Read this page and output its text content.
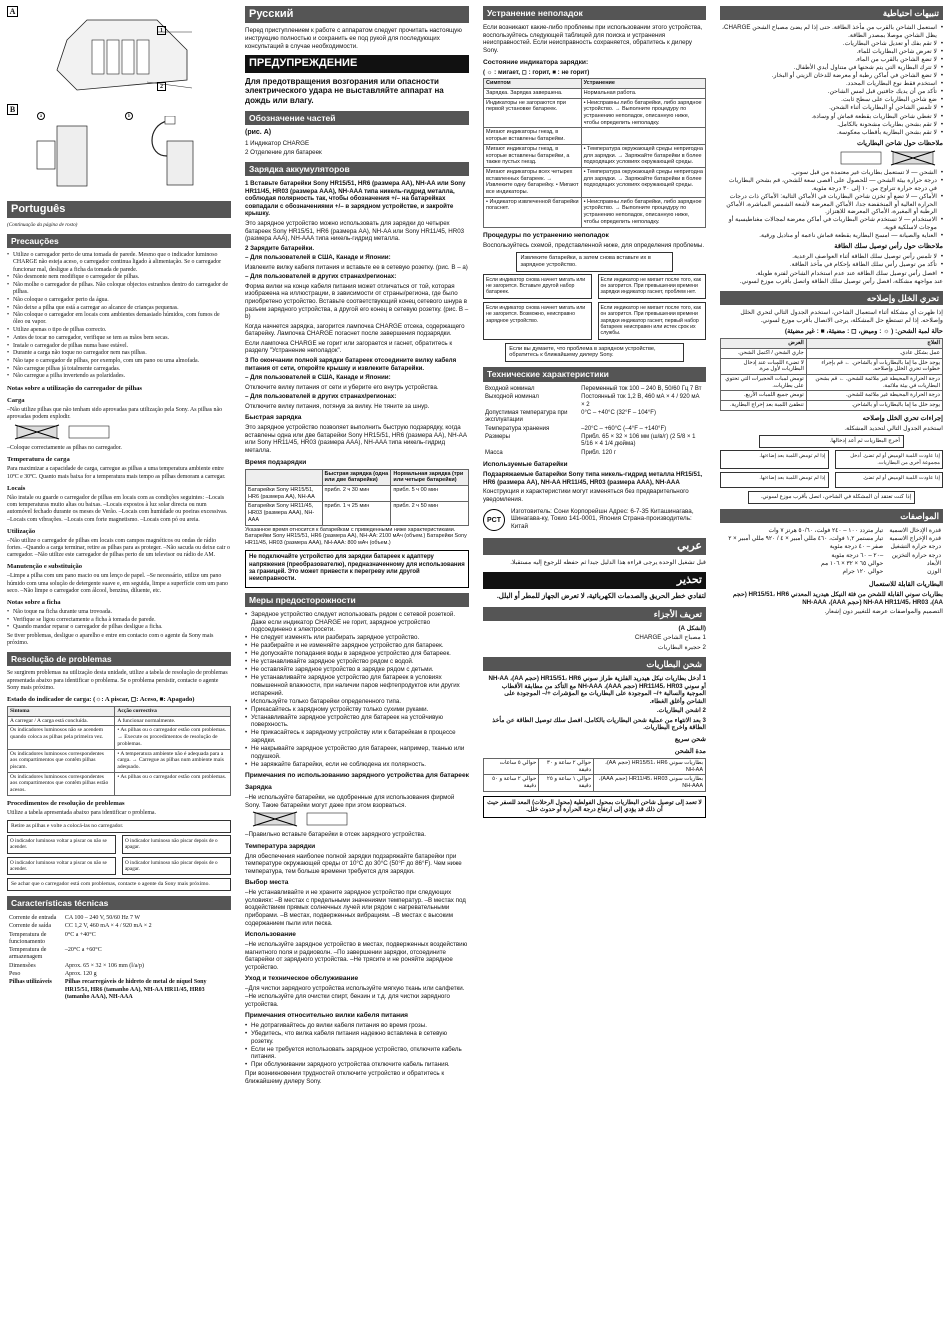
A
1
2
B
a	b
Português

(Continuação da página de rosto)

Precauções
• Utilize o carregador perto de uma tomada de parede. Mesmo que o indicador luminoso CHARGE não esteja aceso, o carregador continua ligado à alimentação. Se o carregador funcionar mal, desligue a ficha da tomada de parede.
• Não desmonte nem modifique o carregador de pilhas.
• Não molhe o carregador de pilhas. Não coloque objectos estranhos dentro do carregador de pilhas.
• Não coloque o carregador perto da água.
• Não deixe a pilha que está a carregar ao alcance de crianças pequenas.
• Não coloque o carregador em locais com ambientes demasiado húmidos, com fumos de óleo ou vapor.
• Utilize apenas o tipo de pilhas correcto.
• Antes de tocar no carregador, verifique se tem as mãos bem secas.
• Instale o carregador de pilhas numa base estável.
• Durante a carga não toque no carregador nem nas pilhas.
• Não tape o carregador de pilhas, por exemplo, com um pano ou uma almofada.
• Não carregue pilhas já totalmente carregadas.
• Não carregue a pilha invertendo as polaridades.
Notas sobre a utilização do carregador de pilhas
Carga

–Não utilize pilhas que não tenham sido aprovadas para utilização pela Sony. As pilhas não aprovadas podem explodir.

–Coloque correctamente as pilhas no carregador.

Temperatura de carga

Para maximizar a capacidade de carga, carregue as pilhas a uma temperatura ambiente entre 10ºC e 30ºC. Quanto mais baixa for a temperatura mais tempo as pilhas demoram a carregar.

Locais

Não instale ou guarde o carregador de pilhas em locais com as condições seguintes: –Locais com temperaturas muito altas ou baixas. –Locais expostos à luz solar directa ou num automóvel fechado durante os meses de Verão. –Locais com humidade ou poeiras excessivas. –Locais com vibrações. –Locais com forte magnetismo. –Locais com pó ou areia.

Utilização

–Não utilize o carregador de pilhas em locais com campos magnéticos ou ondas de rádio fortes. –Quando a carga terminar, retire as pilhas para as proteger. –Não sacuda ou deixe cair o carregador. –Não utilize este carregador de pilhas perto de um televisor ou rádio de AM.

Manutenção e substituição

–Limpe a pilha com um pano macio ou um lenço de papel. –Se necessário, utilize um pano húmido com uma solução de detergente suave e, em seguida, limpe a superfície com um pano seco. –Não limpe o carregador com álcool, benzina, diluente, etc.

Notas sobre a ficha
• Não toque na ficha durante uma trovoada.
• Verifique se ligou correctamente a ficha à tomada de parede.
• Quando mandar reparar o carregador de pilhas desligue a ficha.

Se tiver problemas, desligue o aparelho e entre em contacto com o agente da Sony mais próximo.

Resolução de problemas

Se surgirem problemas na utilização desta unidade, utilize a tabela de resolução de problemas apresentada abaixo para identificar o problema. Se o problema persistir, contacte o agente Sony mais próximo.

Estado do indicador de carga: (☼: A piscar, ◻: Aceso, ■: Apagado)
Sintoma	Acção correctiva
A carregar / A carga está concluída.	A funcionar normalmente.
Os indicadores luminosos não se acendem quando coloca as pilhas pela primeira vez.	• As pilhas ou o carregador estão com problemas. → Execute os procedimentos de resolução de problemas.
Os indicadores luminosos correspondentes aos compartimentos que contêm pilhas piscam.	• A temperatura ambiente não é adequada para a carga. → Carregue as pilhas num ambiente mais adequado.
Os indicadores luminosos correspondentes aos compartimentos que contêm pilhas estão acesos.	• As pilhas ou o carregador estão com problemas.
Procedimentos de resolução de problemas

Utilize a tabela apresentada abaixo para identificar o problema.

Retire as pilhas e volte a colocá-las no carregador.
O indicador luminoso voltar a piscar ou não se acender.
O indicador luminoso não piscar depois de o apagar.
O indicador luminoso voltar a piscar ou não se acender.
O indicador luminoso não piscar depois de o apagar.
Se achar que o carregador está com problemas, contacte o agente da Sony mais próximo.
Características técnicas
Corrente de entrada	CA 100 – 240 V, 50/60 Hz 7 W
Corrente de saída	CC 1,2 V, 460 mA × 4 / 920 mA × 2
Temperatura de funcionamento	0°C a +40°C
Temperatura de armazenagem	–20°C a +60°C
Dimensões	Aprox. 65 × 32 × 106 mm (l/a/p)
Peso	Aprox. 120 g
Pilhas utilizáveis	Pilhas recarregáveis de hidreto de metal de níquel Sony HR15/51, HR6 (tamanho AA), NH-AA HR11/45, HR03 (tamanho AAA), NH-AAA
Русский

Перед приступлением к работе с аппаратом следует прочитать настоящую инструкцию полностью и сохранить ее под рукой для последующих консультаций в случае необходимости.

ПРЕДУПРЕЖДЕНИЕ

Для предотвращения возгорания или опасности электрического удара не выставляйте аппарат на дождь или влагу.

Обозначение частей

(рис. A)

1 Индикатор CHARGE

2 Отделение для батареек

Зарядка аккумуляторов

1 Вставьте батарейки Sony HR15/51, HR6 (размера AA), NH-AA или Sony HR11/45, HR03 (размера AAA), NH-AAA типа никель-гидрид металла, соблюдая полярность так, чтобы обозначения +/– на батарейках совпадали с обозначениями +/– в зарядном устройстве, и закройте крышку.

Это зарядное устройство можно использовать для зарядки до четырех батареек Sony HR15/51, HR6 (размера AA), NH-AA или Sony HR11/45, HR03 (размера AAA), NH-AAA типа никель-гидрид металла.

2 Зарядите батарейки.

– Для пользователей в США, Канаде и Японии:

Извлеките вилку кабеля питания и вставьте ее в сетевую розетку. (рис. B – a)

– Для пользователей в других странах/регионах:

Форма вилки на конце кабеля питания может отличаться от той, которая изображена на иллюстрации, в зависимости от страны/региона, где было приобретено устройство. Вставьте соответствующий конец сетевого шнура в разъем зарядного устройства, а другой его конец в сетевую розетку. (рис. B – b)

Когда начнется зарядка, загорится лампочка CHARGE отсека, содержащего батарейку. Лампочка CHARGE погаснет после завершения подзарядки.

Если лампочка CHARGE не горит или загорается и гаснет, обратитесь к разделу "Устранение неполадок".

3 По окончании полной зарядки батареек отсоедините вилку кабеля питания от сети, откройте крышку и извлеките батарейки.

– Для пользователей в США, Канаде и Японии:

Отключите вилку питания от сети и уберите его внутрь устройства.

– Для пользователей в других странах/регионах:

Отключите вилку питания, потянув за вилку. Не тяните за шнур.

Быстрая зарядка

Это зарядное устройство позволяет выполнить быструю подзарядку, когда вставлены одна или две батарейки Sony HR15/51, HR6 (размера AA), NH-AA или Sony HR11/45, HR03 (размера AAA), NH-AAA типа никель-гидрид металла.

Время подзарядки
	Быстрая зарядка (одна или две батарейки)	Нормальная зарядка (три или четыре батарейки)
Батарейки Sony HR15/51, HR6 (размера AA), NH-AA	прибл. 2 ч 30 мин	прибл. 5 ч 00 мин
Батарейки Sony HR11/45, HR03 (размера AAA), NH-AAA	прибл. 1 ч 25 мин	прибл. 2 ч 50 мин

Указанное время относится к батарейкам с приведенными ниже характеристиками. Батарейки Sony HR15/51, HR6 (размера AA), NH-AA: 2100 мАч (объем.) Батарейки Sony HR11/45, HR03 (размера AAA), NH-AAA: 800 мАч (объем.)

Не подключайте устройство для зарядки батареек к адаптеру напряжения (преобразователю), предназначенному для использования за границей. Это может привести к перегреву или другой неисправности.
Меры предосторожности
• Зарядное устройство следует использовать рядом с сетевой розеткой. Даже если индикатор CHARGE не горит, зарядное устройство подсоединено к электросети.
• Не следует изменять или разбирать зарядное устройство.
• Не разбирайте и не изменяйте зарядное устройство для батареек.
• Не допускайте попадания воды в зарядное устройство для батареек.
• Не устанавливайте зарядное устройство рядом с водой.
• Не оставляйте зарядное устройство в зарядке рядом с детьми.
• Не устанавливайте зарядное устройство для батареек в условиях повышенной влажности, при наличии паров нефтепродуктов или других испарений.
• Используйте только батарейки определенного типа.
• Прикасайтесь к зарядному устройству только сухими руками.
• Устанавливайте зарядное устройство для батареек на устойчивую поверхность.
• Не прикасайтесь к зарядному устройству или к батарейкам в процессе зарядки.
• Не накрывайте зарядное устройство для батареек, например, тканью или подушкой.
• Не заряжайте батарейки, если не соблюдена их полярность.
Примечания по использованию зарядного устройства для батареек
Зарядка

–Не используйте батарейки, не одобренные для использования фирмой Sony. Такие батарейки могут даже при этом взорваться.

–Правильно вставьте батарейки в отсек зарядного устройства.

Температура зарядки

Для обеспечения наиболее полной зарядки подзаряжайте батарейки при температуре окружающей среды от 10°С до 30°С (50°F до 86°F). Чем ниже температура, тем больше времени требуется для зарядки.

Выбор места

–Не устанавливайте и не храните зарядное устройство при следующих условиях: –В местах с предельными значениями температур. –В местах под воздействием прямых солнечных лучей или рядом с нагревательными приборами. –В местах, подверженных вибрациям. –В местах с высоким содержанием пыли или песка.

Использование

–Не используйте зарядное устройство в местах, подверженных воздействию магнитного поля и радиоволн. –По завершении зарядки, отсоедините батарейки от зарядного устройства. –Не трясите и не роняйте зарядное устройство.

Уход и техническое обслуживание

–Для чистки зарядного устройства используйте мягкую ткань или салфетки. –Не используйте для очистки спирт, бензин и т.д. для чистки зарядного устройства.

Примечания относительно вилки кабеля питания
• Не дотрагивайтесь до вилки кабеля питания во время грозы.
• Убедитесь, что вилка кабеля питания надежно вставлена в сетевую розетку.
• Если не требуется использовать зарядное устройство, отключите кабель питания.
• При обслуживании зарядного устройства отключите кабель питания.

При возникновении трудностей отключите устройство и обратитесь к ближайшему дилеру Sony.

Устранение неполадок

Если возникают какие-либо проблемы при использовании этого устройства, воспользуйтесь следующей таблицей для поиска и устранения неисправностей. Если неисправность сохраняется, обратитесь к дилеру Sony.

Состояние индикатора зарядки:

( ☼ : мигает, ◻ : горит, ■ : не горит)

Симптом	Устранение
Зарядка. Зарядка завершена.	Нормальная работа.
Индикаторы не загораются при первой установке батареек.	• Неисправны либо батарейки, либо зарядное устройство. → Выполните процедуру по устранению неполадок, описанную ниже, чтобы определить неполадку.
Мигают индикаторы гнезд, в которые вставлены батарейки.	
Мигают индикаторы гнезд, в которые вставлены батарейки, а также пустых гнезд.	• Температура окружающей среды непригодна для зарядки. → Заряжайте батарейки в более подходящих условиях окружающей среды.
Мигают индикаторы всех четырех вставленных батареек. → Извлеките одну батарейку. • Мигают все индикаторы.	• Температура окружающей среды непригодна для зарядки. → Заряжайте батарейки в более подходящих условиях окружающей среды.
• Индикатор извлеченной батарейки погаснет.	• Неисправны либо батарейки, либо зарядное устройство. → Выполните процедуру по устранению неполадок, описанную ниже, чтобы определить неполадку.
Процедуры по устранению неполадок

Воспользуйтесь схемой, представленной ниже, для определения проблемы.

Извлеките батарейки, а затем снова вставьте их в зарядное устройство.
Если индикатор снова начнет мигать или не загорится. Вставьте другой набор батареек.
Если индикатор не мигает после того, как он загорится. При превышении времени зарядки индикатор гаснет, проблем нет.
Если индикатор снова начнет мигать или не загорится. Возможно, неисправно зарядное устройство.
Если индикатор не мигает после того, как он загорится. При превышении времени зарядки индикатор гаснет, первый набор батареек неисправен или истек срок их службы.
Если вы думаете, что проблема в зарядном устройстве, обратитесь к ближайшему дилеру Sony.
Технические характеристики
Входной номинал	Переменный ток 100 – 240 В, 50/60 Гц 7 Вт
Выходной номинал	Постоянный ток 1,2 В, 460 мА × 4 / 920 мА × 2
Допустимая температура при эксплуатации	0°C – +40°C (32°F – 104°F)
Температура хранения	–20°C – +60°C (–4°F – +140°F)
Размеры	Прибл. 65 × 32 × 106 мм (ш/в/г) (2 5/8 × 1 5/16 × 4 1/4 дюйма)
Масса	Прибл. 120 г
Используемые батарейки

Подзаряжаемые батарейки Sony типа никель-гидрид металла HR15/51, HR6 (размера AA), NH-AA HR11/45, HR03 (размера AAA), NH-AAA

Конструкция и характеристики могут изменяться без предварительного уведомления.

PCT

Изготовитель: Сони Корпорейшн Адрес: 6-7-35 Киташинагава, Шинагава-ку, Токио 141-0001, Япония Страна-производитель: Китай

عربي

قبل تشغيل الوحدة يرجى قراءة هذا الدليل جيدا ثم حفظه للرجوع إليه مستقبلا.

تحذير

لتفادي خطر الحريق والصدمات الكهربائية، لا تعرض الجهاز للمطر أو البلل.

تعريف الأجزاء

(الشكل A)

1 مصباح الشاحن CHARGE

2 حجيرة البطاريات

شحن البطاريات

1 أدخل بطاريات نيكل هيدريد الفلزية طراز سوني HR15/51، HR6 (حجم AA)، NH-AA أو سوني HR11/45، HR03 (حجم AAA)، NH-AAA مع التأكد من مطابقة الأقطاب الموجبة والسالبة +/– الموجودة على البطاريات مع المؤشرات +/– الموجودة على الشاحن وأغلق الغطاء.

2 اشحن البطاريات.

3 بعد الانتهاء من عملية شحن البطاريات بالكامل، افصل سلك توصيل الطاقة عن مأخذ الطاقة واخرج البطاريات.

شحن سريع
مدة الشحن
بطاريات سوني HR15/51، HR6 (حجم AA)، NH-AA	حوالي ٢ ساعة و ٣٠ دقيقة	حوالي ٥ ساعات
بطاريات سوني HR11/45، HR03 (حجم AAA)، NH-AAA	حوالي ١ ساعة و ٢٥ دقيقة	حوالي ٢ ساعة و ٥٠ دقيقة
لا تعمد إلى توصيل شاحن البطاريات بمحول الفولطية (محول الرحلات) المعد للسفر حيث أن ذلك قد يؤدي إلى ارتفاع درجة الحرارة أو حدوث خلل.
تنبيهات احتياطية
• استعمل الشاحن بالقرب من مأخذ الطاقة. حتى إذا لم يضئ مصباح الشحن CHARGE، يظل الشاحن موصلا بمصدر الطاقة.
• لا تقم بفك أو تعديل شاحن البطاريات.
• لا تعرض شاحن البطاريات للماء.
• لا تضع الشاحن بالقرب من الماء.
• لا تترك البطارية التي يتم شحنها في متناول أيدي الأطفال.
• لا تضع الشاحن في أماكن رطبة أو معرضة للدخان الزيتي أو البخار.
• استخدم فقط نوع البطاريات المحدد.
• تأكد من أن يديك جافتين قبل لمس الشاحن.
• ضع شاحن البطاريات على سطح ثابت.
• لا تلمس الشاحن أو البطاريات أثناء الشحن.
• لا تغطي شاحن البطاريات بقطعة قماش أو وسادة.
• لا تقم بشحن بطاريات مشحونة بالكامل.
• لا تقم بشحن البطارية بأقطاب معكوسة.
ملاحظات حول شاحن البطاريات
• الشحن — لا تستعمل بطاريات غير معتمدة من قبل سوني.
• درجة حرارة بيئة الشحن — للحصول على أقصى سعة للشحن، قم بشحن البطاريات في درجة حرارة تتراوح من ١٠ إلى ٣٠ درجة مئوية.
• الأماكن — لا تضع أو تخزن شاحن البطاريات في الأماكن التالية: الأماكن ذات درجات الحرارة العالية أو المنخفضة جدا، الأماكن المعرضة لأشعة الشمس المباشرة، الأماكن الرطبة أو المغبرة، الأماكن المعرضة للاهتزاز.
• الاستخدام — لا تستخدم شاحن البطاريات في أماكن معرضة لمجالات مغناطيسية أو موجات لاسلكية قوية.
• العناية والصيانة — امسح البطارية بقطعة قماش ناعمة أو مناديل ورقية.
ملاحظات حول رأس توصيل سلك الطاقة
• لا تلمس رأس توصيل سلك الطاقة أثناء العواصف الرعدية.
• تأكد من توصيل رأس سلك الطاقة بإحكام في مأخذ الطاقة.
• افصل رأس توصيل سلك الطاقة عند عدم استخدام الشاحن لفترة طويلة.

عند مواجهة مشكلة، افصل رأس توصيل سلك الطاقة واتصل بأقرب موزع لسوني.

تحري الخلل وإصلاحه

إذا ظهرت أي مشكلة أثناء استعمال الشاحن، استخدم الجدول التالي لتحري الخلل وإصلاحه. إذا لم تستطع حل المشكلة، يرجى الاتصال بأقرب موزع لسوني.

حالة لمبة الشحن: ( ☼ : وميض، ◻ : مضيئة، ■ : غير مضيئة)
العلاج	العرض
عمل بشكل عادي.	جاري الشحن / اكتمل الشحن.
يوجد خلل ما إما بالبطاريات أو بالشاحن. ← قم بإجراء خطوات تحري الخلل وإصلاحه.	لا تضيء اللمبات عند إدخال البطاريات لأول مرة.
درجة الحرارة المحيطة غير ملائمة للشحن. ← قم بشحن البطاريات في بيئة ملائمة.	تومض لمبات الحجيرات التي تحتوي على بطاريات.
درجة الحرارة المحيطة غير ملائمة للشحن.	تومض جميع اللمبات الأربع.
يوجد خلل ما إما بالبطاريات أو بالشاحن.	تنطفئ اللمبة بعد إخراج البطارية.
إجراءات تحري الخلل وإصلاحه

استخدم الجدول التالي لتحديد المشكلة.

أخرج البطاريات ثم أعد إدخالها.
إذا عاودت اللمبة الوميض أو لم تضئ. أدخل مجموعة أخرى من البطاريات.
إذا لم تومض اللمبة بعد إضاءتها.
إذا عاودت اللمبة الوميض أو لم تضئ.
إذا لم تومض اللمبة بعد إضاءتها.
إذا كنت تعتقد أن المشكلة في الشاحن، اتصل بأقرب موزع لسوني.
المواصفات
قدرة الإدخال الاسمية	تيار متردد ١٠٠ – ٢٤٠ فولت، ٥٠/٦٠ هرتز ٧ وات
قدرة الإخراج الاسمية	تيار مستمر ١,٢ فولت، ٤٦٠ مللي أمبير × ٤ / ٩٢٠ مللي أمبير × ٢
درجة حرارة التشغيل	صفر – ٤٠ درجة مئوية
درجة حرارة التخزين	–٢٠ – ٦٠ درجة مئوية
الأبعاد	حوالي ٦٥ × ٣٢ × ١٠٦ مم
الوزن	حوالي ١٢٠ جرام
البطاريات القابلة للاستعمال

بطاريات سوني القابلة للشحن من فئة النيكل هيدريد المعدني HR15/51، HR6 (حجم AA)، NH-AA HR11/45، HR03 (حجم AAA)، NH-AAA

التصميم والمواصفات عرضة للتغيير دون إشعار.
